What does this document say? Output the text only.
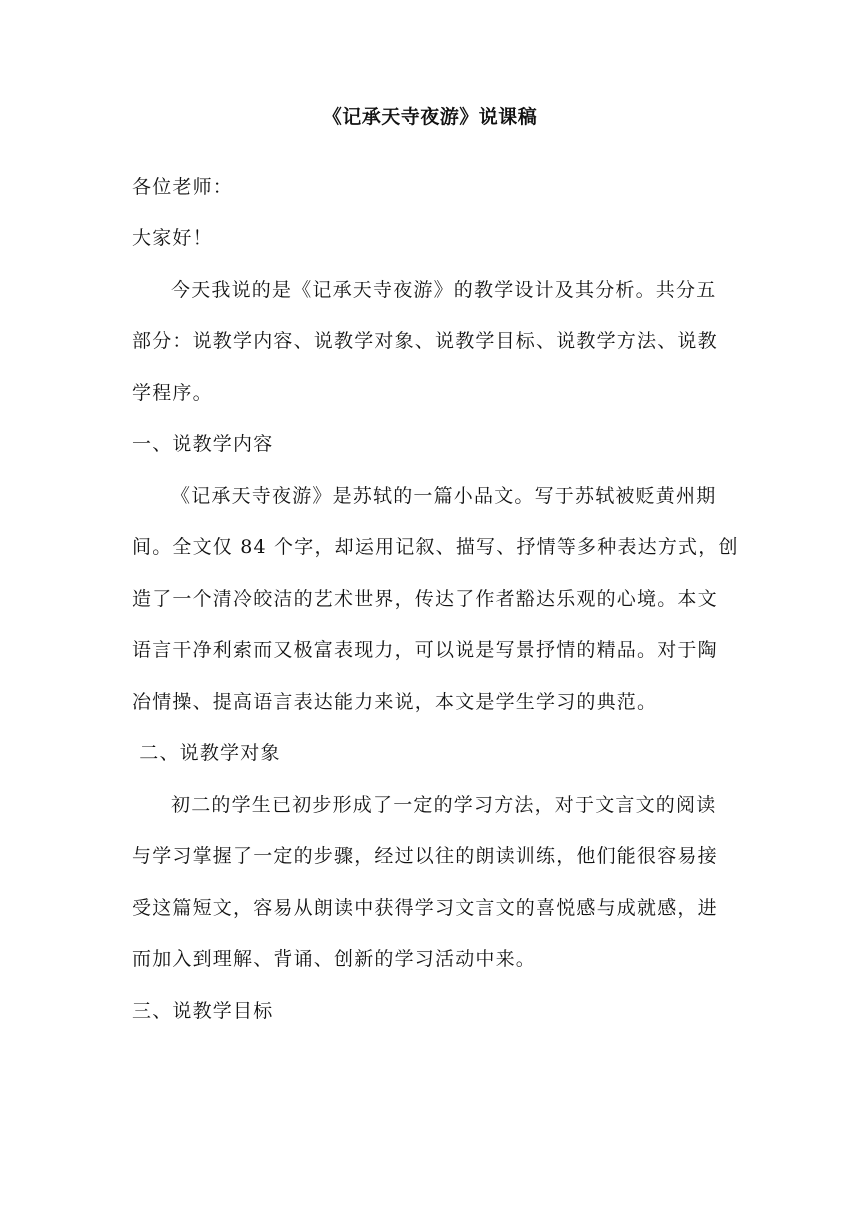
《记承天寺夜游》说课稿
各位老师：
大家好！
今天我说的是《记承天寺夜游》的教学设计及其分析。共分五
部分：说教学内容、说教学对象、说教学目标、说教学方法、说教
学程序。
一、说教学内容
《记承天寺夜游》是苏轼的一篇小品文。写于苏轼被贬黄州期
间。全文仅 84 个字，却运用记叙、描写、抒情等多种表达方式，创
造了一个清冷皎洁的艺术世界，传达了作者豁达乐观的心境。本文
语言干净利索而又极富表现力，可以说是写景抒情的精品。对于陶
冶情操、提高语言表达能力来说，本文是学生学习的典范。
二、说教学对象
初二的学生已初步形成了一定的学习方法，对于文言文的阅读
与学习掌握了一定的步骤，经过以往的朗读训练，他们能很容易接
受这篇短文，容易从朗读中获得学习文言文的喜悦感与成就感，进
而加入到理解、背诵、创新的学习活动中来。
三、说教学目标
